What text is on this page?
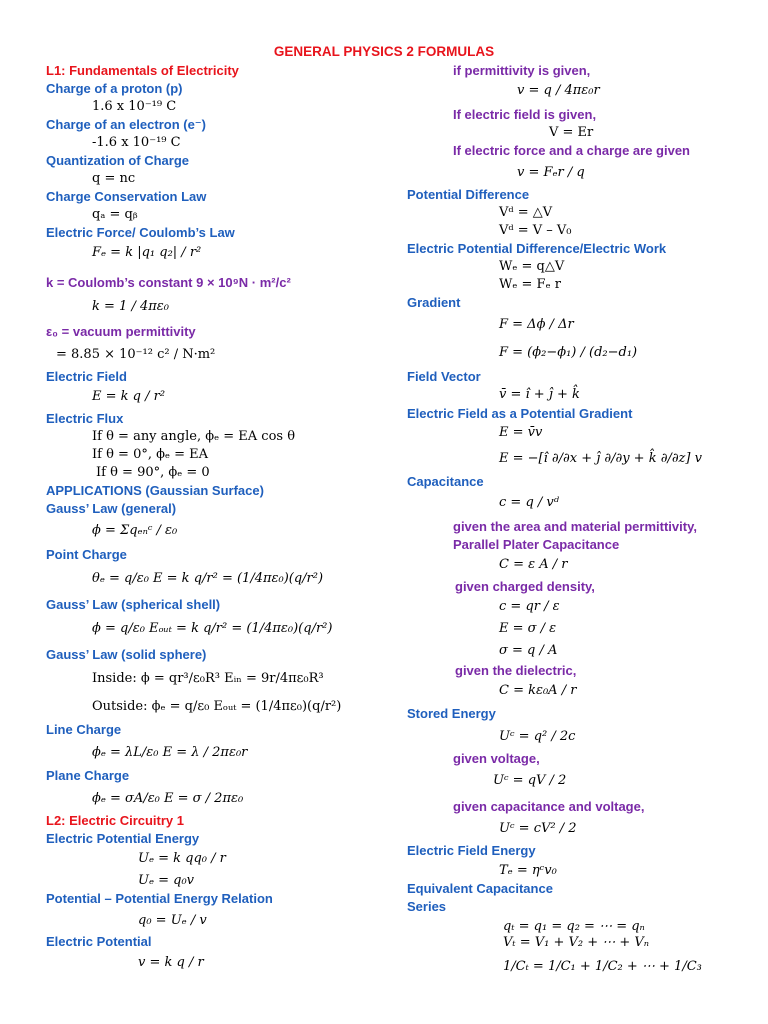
GENERAL PHYSICS 2 FORMULAS
L1: Fundamentals of Electricity
Charge of a proton (p)
1.6 x 10⁻¹⁹ C
Charge of an electron (e⁻)
-1.6 x 10⁻¹⁹ C
Quantization of Charge
q = nc
Charge Conservation Law
qₐ = qᵦ
Electric Force/ Coulomb’s Law
Fₑ = k |q₁ q₂| / r²
k = Coulomb’s constant 9 × 10⁹N · m²/c²
k = 1 / 4πε₀
ε₀ = vacuum permittivity
= 8.85 × 10⁻¹² c² / N·m²
Electric Field
E = k q / r²
Electric Flux
If θ = any angle, ϕₑ = EA cos θ
If θ = 0°, ϕₑ = EA
If θ = 90°, ϕₑ = 0
APPLICATIONS (Gaussian Surface)
Gauss’ Law (general)
ϕ = Σqₑₙᶜ / ε₀
Point Charge
θₑ = q/ε₀ E = k q/r² = (1/4πε₀)(q/r²)
Gauss’ Law (spherical shell)
ϕ = q/ε₀ Eₒᵤₜ = k q/r² = (1/4πε₀)(q/r²)
Gauss’ Law (solid sphere)
Inside: ϕ = qr³/ε₀R³ Eᵢₙ = 9r/4πε₀R³
Outside: ϕₑ = q/ε₀ Eₒᵤₜ = (1/4πε₀)(q/r²)
Line Charge
ϕₑ = λL/ε₀ E = λ / 2πε₀r
Plane Charge
ϕₑ = σA/ε₀ E = σ / 2πε₀
L2: Electric Circuitry 1
Electric Potential Energy
Uₑ = k qq₀ / r
Uₑ = q₀v
Potential – Potential Energy Relation
q₀ = Uₑ / v
Electric Potential
v = k q / r
if permittivity is given,
v = q / 4πε₀r
If electric field is given,
V = Er
If electric force and a charge are given
v = Fₑr / q
Potential Difference
Vᵈ = △V
Vᵈ = V – V₀
Electric Potential Difference/Electric Work
Wₑ = q△V
Wₑ = Fₑ r
Gradient
F = Δϕ / Δr
F = (ϕ₂−ϕ₁) / (d₂−d₁)
Field Vector
v̄ = î + ĵ + k̂
Electric Field as a Potential Gradient
E = v̄v
E = −[î ∂/∂x + ĵ ∂/∂y + k̂ ∂/∂z] v
Capacitance
c = q / vᵈ
given the area and material permittivity,
Parallel Plater Capacitance
C = ε A / r
given charged density,
c = qr / ε
E = σ / ε
σ = q / A
given the dielectric,
C = kε₀A / r
Stored Energy
Uᶜ = q² / 2c
given voltage,
Uᶜ = qV / 2
given capacitance and voltage,
Uᶜ = cV² / 2
Electric Field Energy
Tₑ = ηᶜv₀
Equivalent Capacitance
Series
qₜ = q₁ = q₂ = ⋯ = qₙ
Vₜ = V₁ + V₂ + ⋯ + Vₙ
1/Cₜ = 1/C₁ + 1/C₂ + ⋯ + 1/C₃
